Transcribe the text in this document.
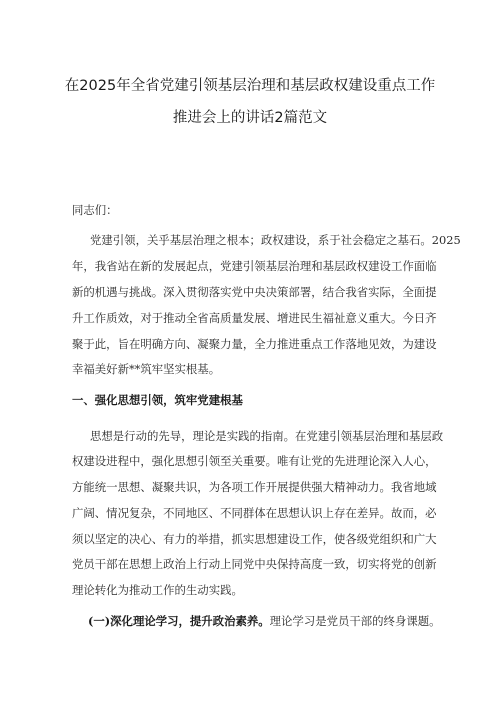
在2025年全省党建引领基层治理和基层政权建设重点工作
推进会上的讲话2篇范文
同志们：
党建引领，关乎基层治理之根本；政权建设，系于社会稳定之基石。2025
年，我省站在新的发展起点，党建引领基层治理和基层政权建设工作面临
新的机遇与挑战。深入贯彻落实党中央决策部署，结合我省实际，全面提
升工作质效，对于推动全省高质量发展、增进民生福祉意义重大。今日齐
聚于此，旨在明确方向、凝聚力量，全力推进重点工作落地见效，为建设
幸福美好新**筑牢坚实根基。
一、强化思想引领，筑牢党建根基
思想是行动的先导，理论是实践的指南。在党建引领基层治理和基层政
权建设进程中，强化思想引领至关重要。唯有让党的先进理论深入人心，
方能统一思想、凝聚共识，为各项工作开展提供强大精神动力。我省地域
广阔、情况复杂，不同地区、不同群体在思想认识上存在差异。故而，必
须以坚定的决心、有力的举措，抓实思想建设工作，使各级党组织和广大
党员干部在思想上政治上行动上同党中央保持高度一致，切实将党的创新
理论转化为推动工作的生动实践。
(一)深化理论学习，提升政治素养。理论学习是党员干部的终身课题。
